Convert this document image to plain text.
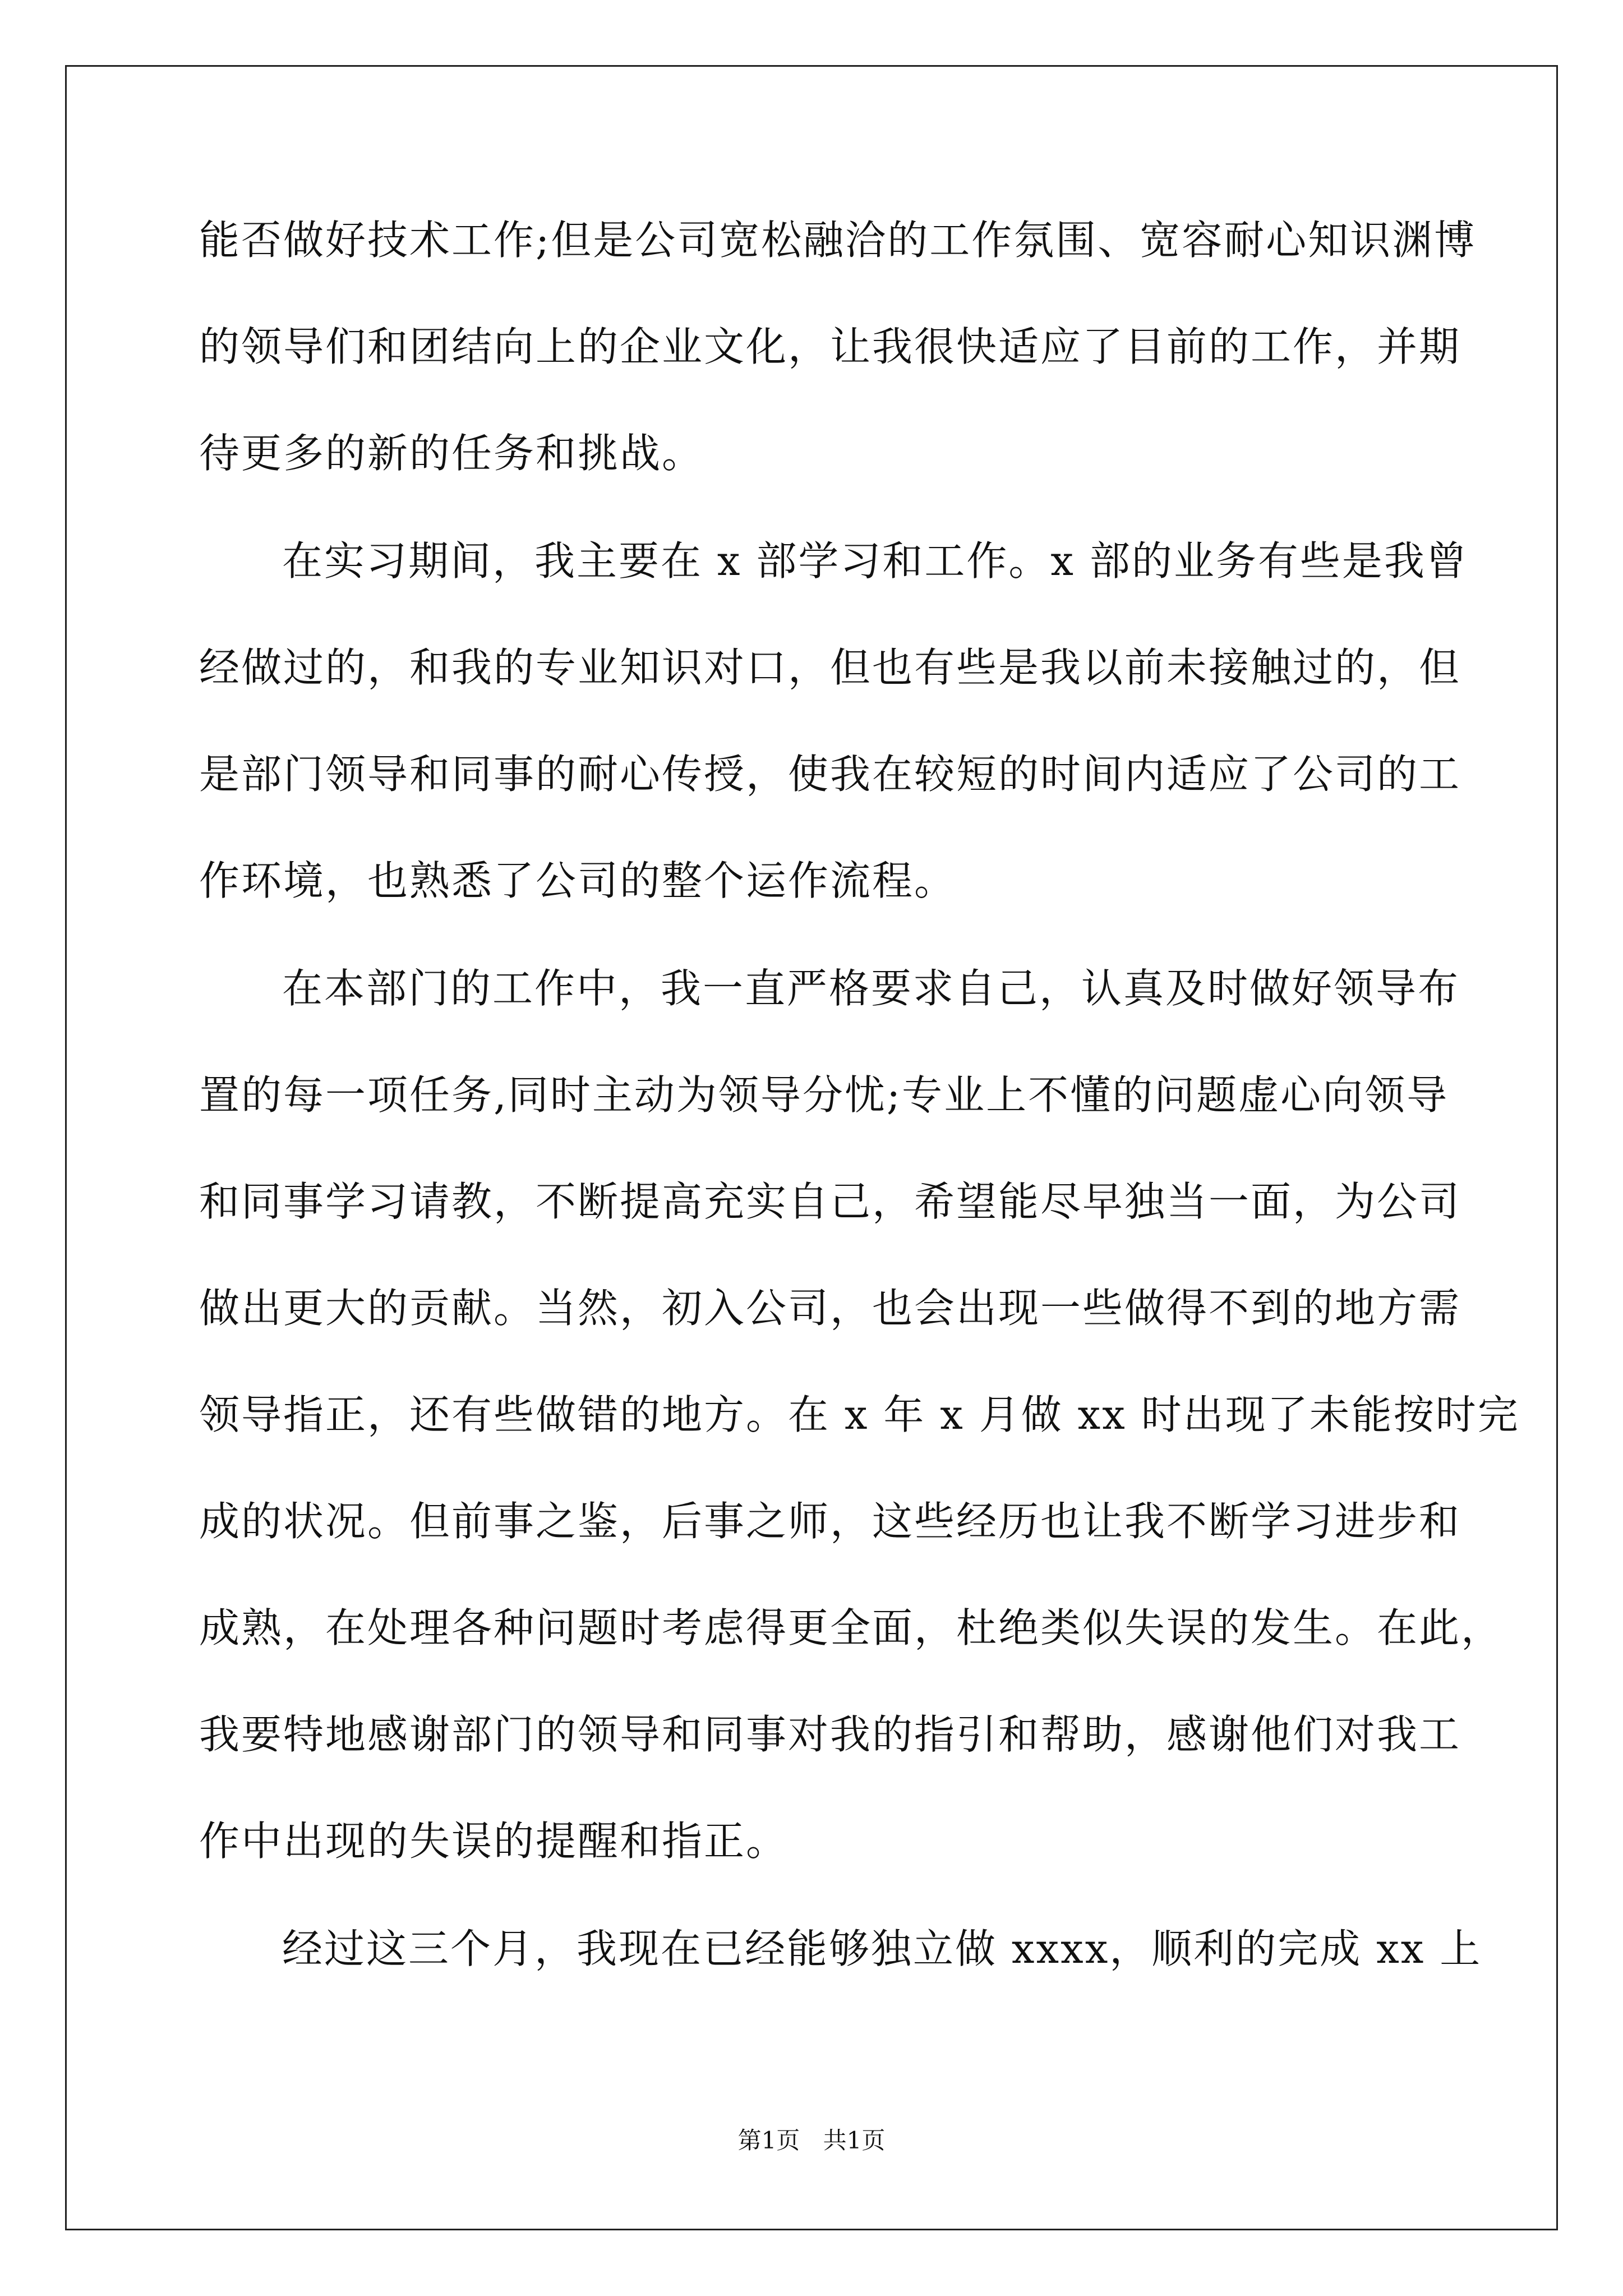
能否做好技术工作;但是公司宽松融洽的工作氛围、宽容耐心知识渊博
的领导们和团结向上的企业文化，让我很快适应了目前的工作，并期
待更多的新的任务和挑战。
在实习期间，我主要在 x 部学习和工作。x 部的业务有些是我曾
经做过的，和我的专业知识对口，但也有些是我以前未接触过的，但
是部门领导和同事的耐心传授，使我在较短的时间内适应了公司的工
作环境，也熟悉了公司的整个运作流程。
在本部门的工作中，我一直严格要求自己，认真及时做好领导布
置的每一项任务,同时主动为领导分忧;专业上不懂的问题虚心向领导
和同事学习请教，不断提高充实自己，希望能尽早独当一面，为公司
做出更大的贡献。当然，初入公司，也会出现一些做得不到的地方需
领导指正，还有些做错的地方。在 x 年 x 月做 xx 时出现了未能按时完
成的状况。但前事之鉴，后事之师，这些经历也让我不断学习进步和
成熟，在处理各种问题时考虑得更全面，杜绝类似失误的发生。在此，
我要特地感谢部门的领导和同事对我的指引和帮助，感谢他们对我工
作中出现的失误的提醒和指正。
经过这三个月，我现在已经能够独立做 xxxx，顺利的完成 xx 上
第1页 共1页
